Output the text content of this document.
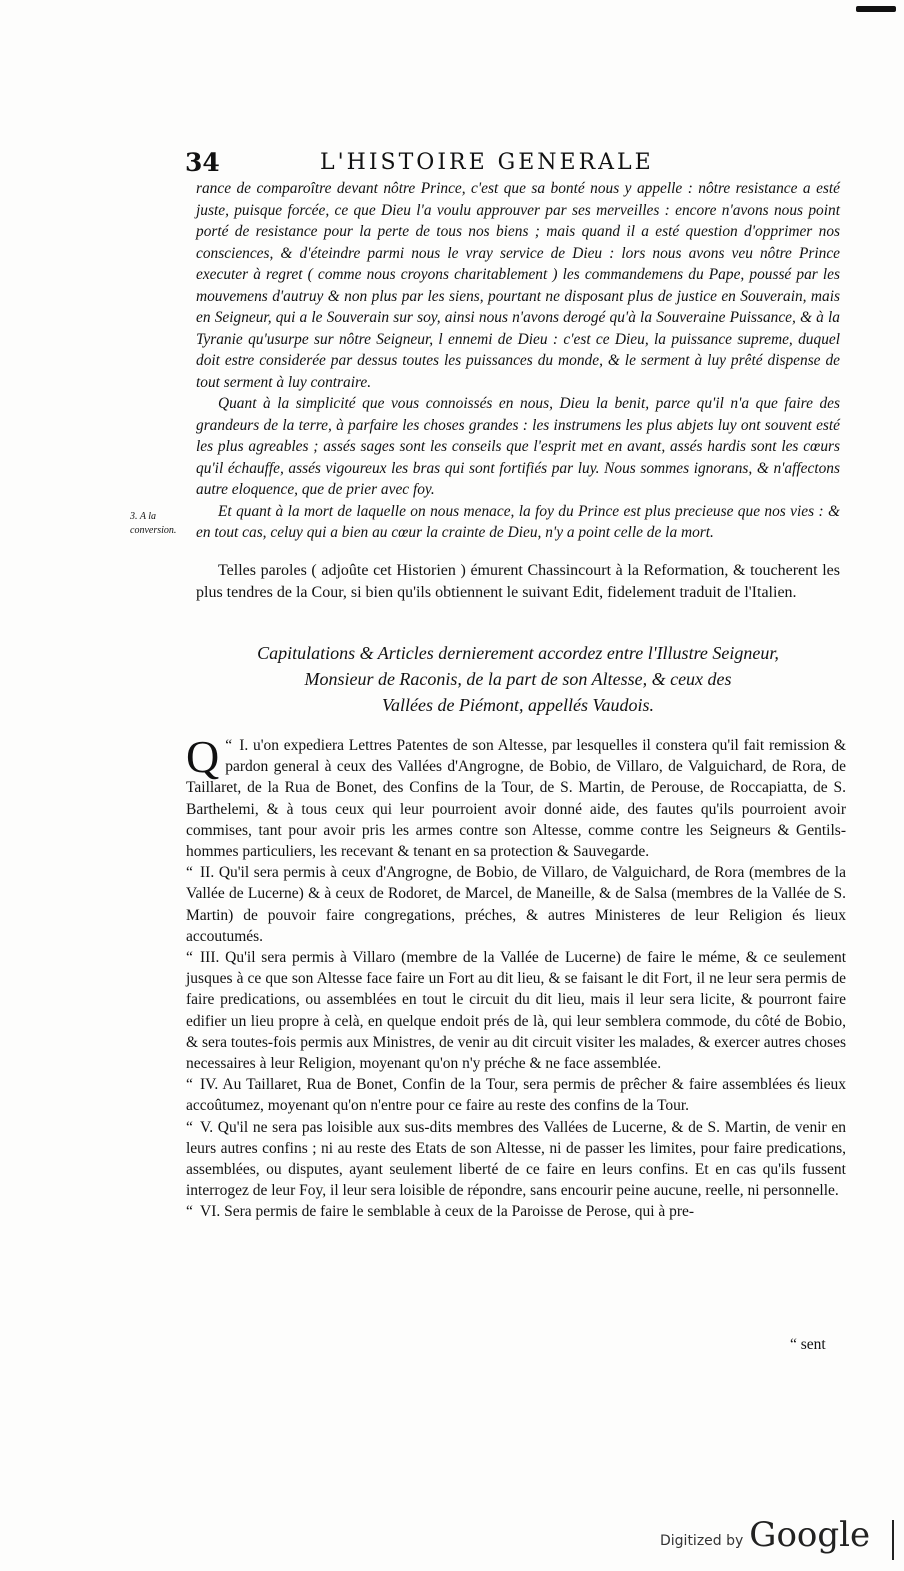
34	L'HISTOIRE GENERALE

rance de comparoître devant nôtre Prince, c'est que sa bonté nous y appelle : nôtre resistance a esté juste, puisque forcée, ce que Dieu l'a voulu approuver par ses merveilles : encore n'avons nous point porté de resistance pour la perte de tous nos biens ; mais quand il a esté question d'opprimer nos consciences, & d'éteindre parmi nous le vray service de Dieu : lors nous avons veu nôtre Prince executer à regret ( comme nous croyons charitablement ) les commandemens du Pape, poussé par les mouvemens d'autruy & non plus par les siens, pourtant ne disposant plus de justice en Souverain, mais en Seigneur, qui a le Souverain sur soy, ainsi nous n'avons derogé qu'à la Souveraine Puissance, & à la Tyranie qu'usurpe sur nôtre Seigneur, l ennemi de Dieu : c'est ce Dieu, la puissance supreme, duquel doit estre considerée par dessus toutes les puissances du monde, & le serment à luy prêté dispense de tout serment à luy contraire.

Quant à la simplicité que vous connoissés en nous, Dieu la benit, parce qu'il n'a que faire des grandeurs de la terre, à parfaire les choses grandes : les instrumens les plus abjets luy ont souvent esté les plus agreables ; assés sages sont les conseils que l'esprit met en avant, assés hardis sont les cœurs qu'il échauffe, assés vigoureux les bras qui sont fortifiés par luy. Nous sommes ignorans, & n'affectons autre eloquence, que de prier avec foy.

Et quant à la mort de laquelle on nous menace, la foy du Prince est plus precieuse que nos vies : & en tout cas, celuy qui a bien au cœur la crainte de Dieu, n'y a point celle de la mort.

3. A la conversion.

Telles paroles ( adjoûte cet Historien ) émurent Chassincourt à la Reformation, & toucherent les plus tendres de la Cour, si bien qu'ils obtiennent le suivant Edit, fidelement traduit de l'Italien.

Capitulations & Articles dernierement accordez entre l'Illustre Seigneur,
Monsieur de Raconis, de la part de son Altesse, & ceux des
Vallées de Piémont, appellés Vaudois.

“ I.
Q u'on expediera Lettres Patentes de son Altesse, par lesquelles il constera qu'il fait remission & pardon general à ceux des Vallées d'Angrogne, de Bobio, de Villaro, de Valguichard, de Rora, de Taillaret, de la Rua de Bonet, des Confins de la Tour, de S. Martin, de Perouse, de Roccapiatta, de S. Barthelemi, & à tous ceux qui leur pourroient avoir donné aide, des fautes qu'ils pourroient avoir commises, tant pour avoir pris les armes contre son Altesse, comme contre les Seigneurs & Gentils-hommes particuliers, les recevant & tenant en sa protection & Sauvegarde.

“ II. Qu'il sera permis à ceux d'Angrogne, de Bobio, de Villaro, de Valguichard, de Rora (membres de la Vallée de Lucerne) & à ceux de Rodoret, de Marcel, de Maneille, & de Salsa (membres de la Vallée de S. Martin) de pouvoir faire congregations, préches, & autres Ministeres de leur Religion és lieux accoutumés.

“ III. Qu'il sera permis à Villaro (membre de la Vallée de Lucerne) de faire le méme, & ce seulement jusques à ce que son Altesse face faire un Fort au dit lieu, & se faisant le dit Fort, il ne leur sera permis de faire predications, ou assemblées en tout le circuit du dit lieu, mais il leur sera licite, & pourront faire edifier un lieu propre à celà, en quelque endoit prés de là, qui leur semblera commode, du côté de Bobio, & sera toutes-fois permis aux Ministres, de venir au dit circuit visiter les malades, & exercer autres choses necessaires à leur Religion, moyenant qu'on n'y préche & ne face assemblée.

“ IV. Au Taillaret, Rua de Bonet, Confin de la Tour, sera permis de prêcher & faire assemblées és lieux accoûtumez, moyenant qu'on n'entre pour ce faire au reste des confins de la Tour.

“ V. Qu'il ne sera pas loisible aux sus-dits membres des Vallées de Lucerne, & de S. Martin, de venir en leurs autres confins ; ni au reste des Etats de son Altesse, ni de passer les limites, pour faire predications, assemblées, ou disputes, ayant seulement liberté de ce faire en leurs confins. Et en cas qu'ils fussent interrogez de leur Foy, il leur sera loisible de répondre, sans encourir peine aucune, reelle, ni personnelle.

“ VI. Sera permis de faire le semblable à ceux de la Paroisse de Perose, qui à pre-

“ sent
Digitized by Google
